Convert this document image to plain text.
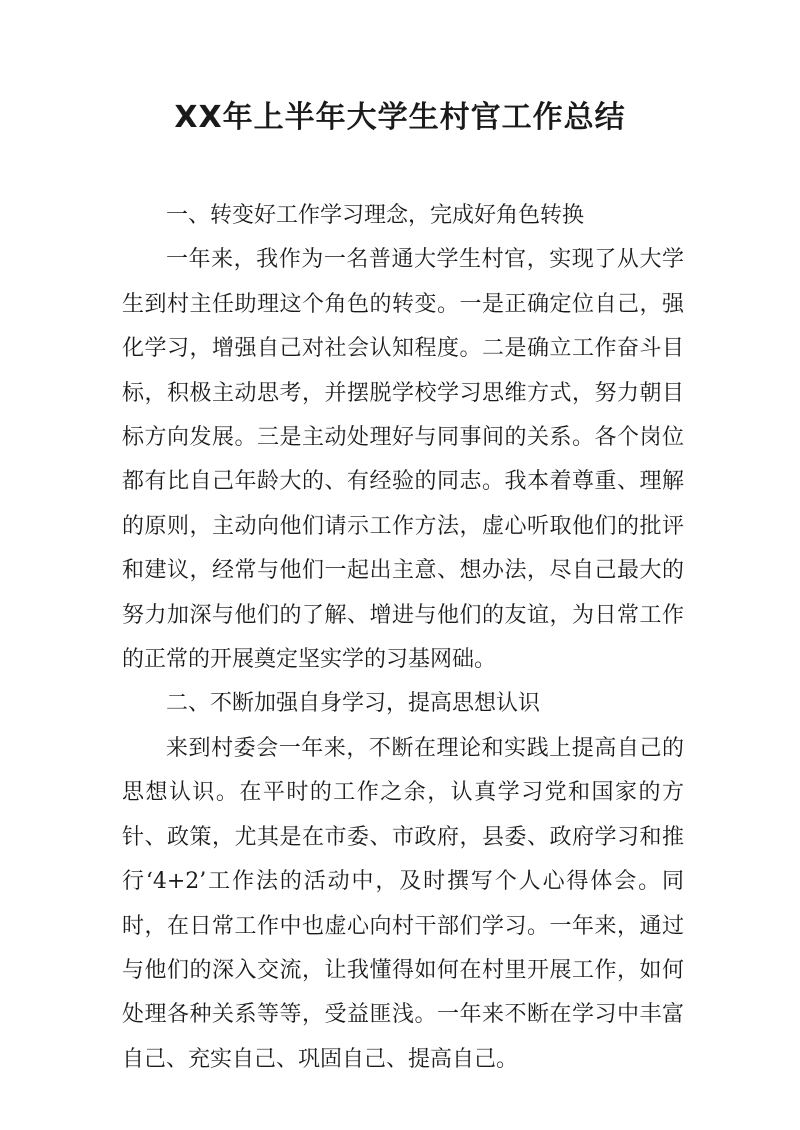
XX年上半年大学生村官工作总结

一、转变好工作学习理念，完成好角色转换

一年来，我作为一名普通大学生村官，实现了从大学生到村主任助理这个角色的转变。一是正确定位自己，强化学习，增强自己对社会认知程度。二是确立工作奋斗目标，积极主动思考，并摆脱学校学习思维方式，努力朝目标方向发展。三是主动处理好与同事间的关系。各个岗位都有比自己年龄大的、有经验的同志。我本着尊重、理解的原则，主动向他们请示工作方法，虚心听取他们的批评和建议，经常与他们一起出主意、想办法，尽自己最大的努力加深与他们的了解、增进与他们的友谊，为日常工作的正常的开展奠定坚实学的习基网础。

二、不断加强自身学习，提高思想认识

来到村委会一年来，不断在理论和实践上提高自己的思想认识。在平时的工作之余，认真学习党和国家的方针、政策，尤其是在市委、市政府，县委、政府学习和推行‘4+2’工作法的活动中，及时撰写个人心得体会。同时，在日常工作中也虚心向村干部们学习。一年来，通过与他们的深入交流，让我懂得如何在村里开展工作，如何处理各种关系等等，受益匪浅。一年来不断在学习中丰富自己、充实自己、巩固自己、提高自己。
